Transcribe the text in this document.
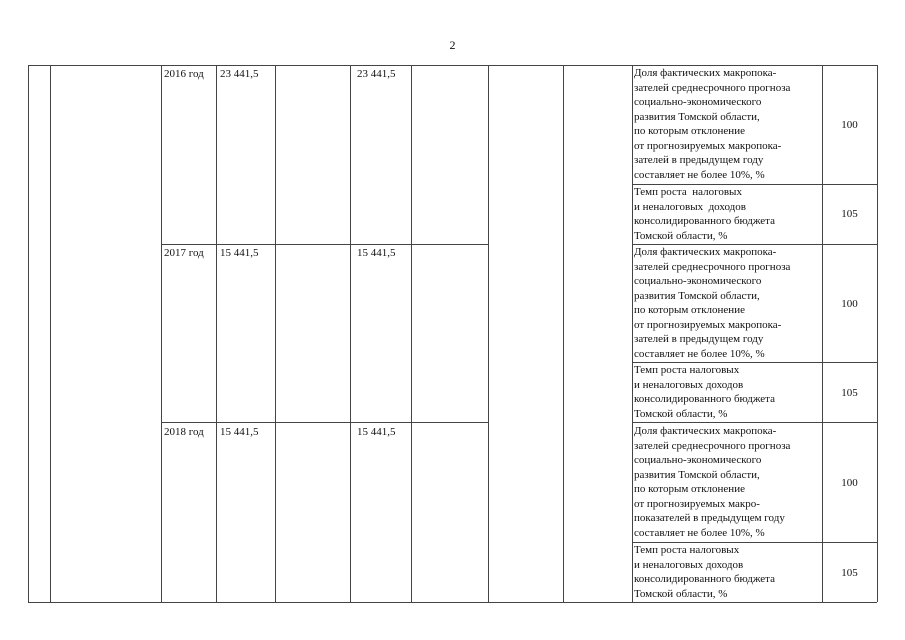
2
2016 год 23 441,5	23 441,5	Доля фактических макропока-
зателей среднесрочного прогноза
социально-экономического
развития Томской области,
по которым отклонение
от прогнозируемых макропока-
зателей в предыдущем году
составляет не более 10%, %
100
Темп роста  налоговых
и неналоговых  доходов
консолидированного бюджета
Томской области, %
105
2017 год 15 441,5	15 441,5	Доля фактических макропока-
зателей среднесрочного прогноза
социально-экономического
развития Томской области,
по которым отклонение
от прогнозируемых макропока-
зателей в предыдущем году
составляет не более 10%, %
100
Темп роста налоговых
и неналоговых доходов
консолидированного бюджета
Томской области, %
105
2018 год 15 441,5	15 441,5	Доля фактических макропока-
зателей среднесрочного прогноза
социально-экономического
развития Томской области,
по которым отклонение
от прогнозируемых макро-
показателей в предыдущем году
составляет не более 10%, %
100
Темп роста налоговых
и неналоговых доходов
консолидированного бюджета
Томской области, %
105
